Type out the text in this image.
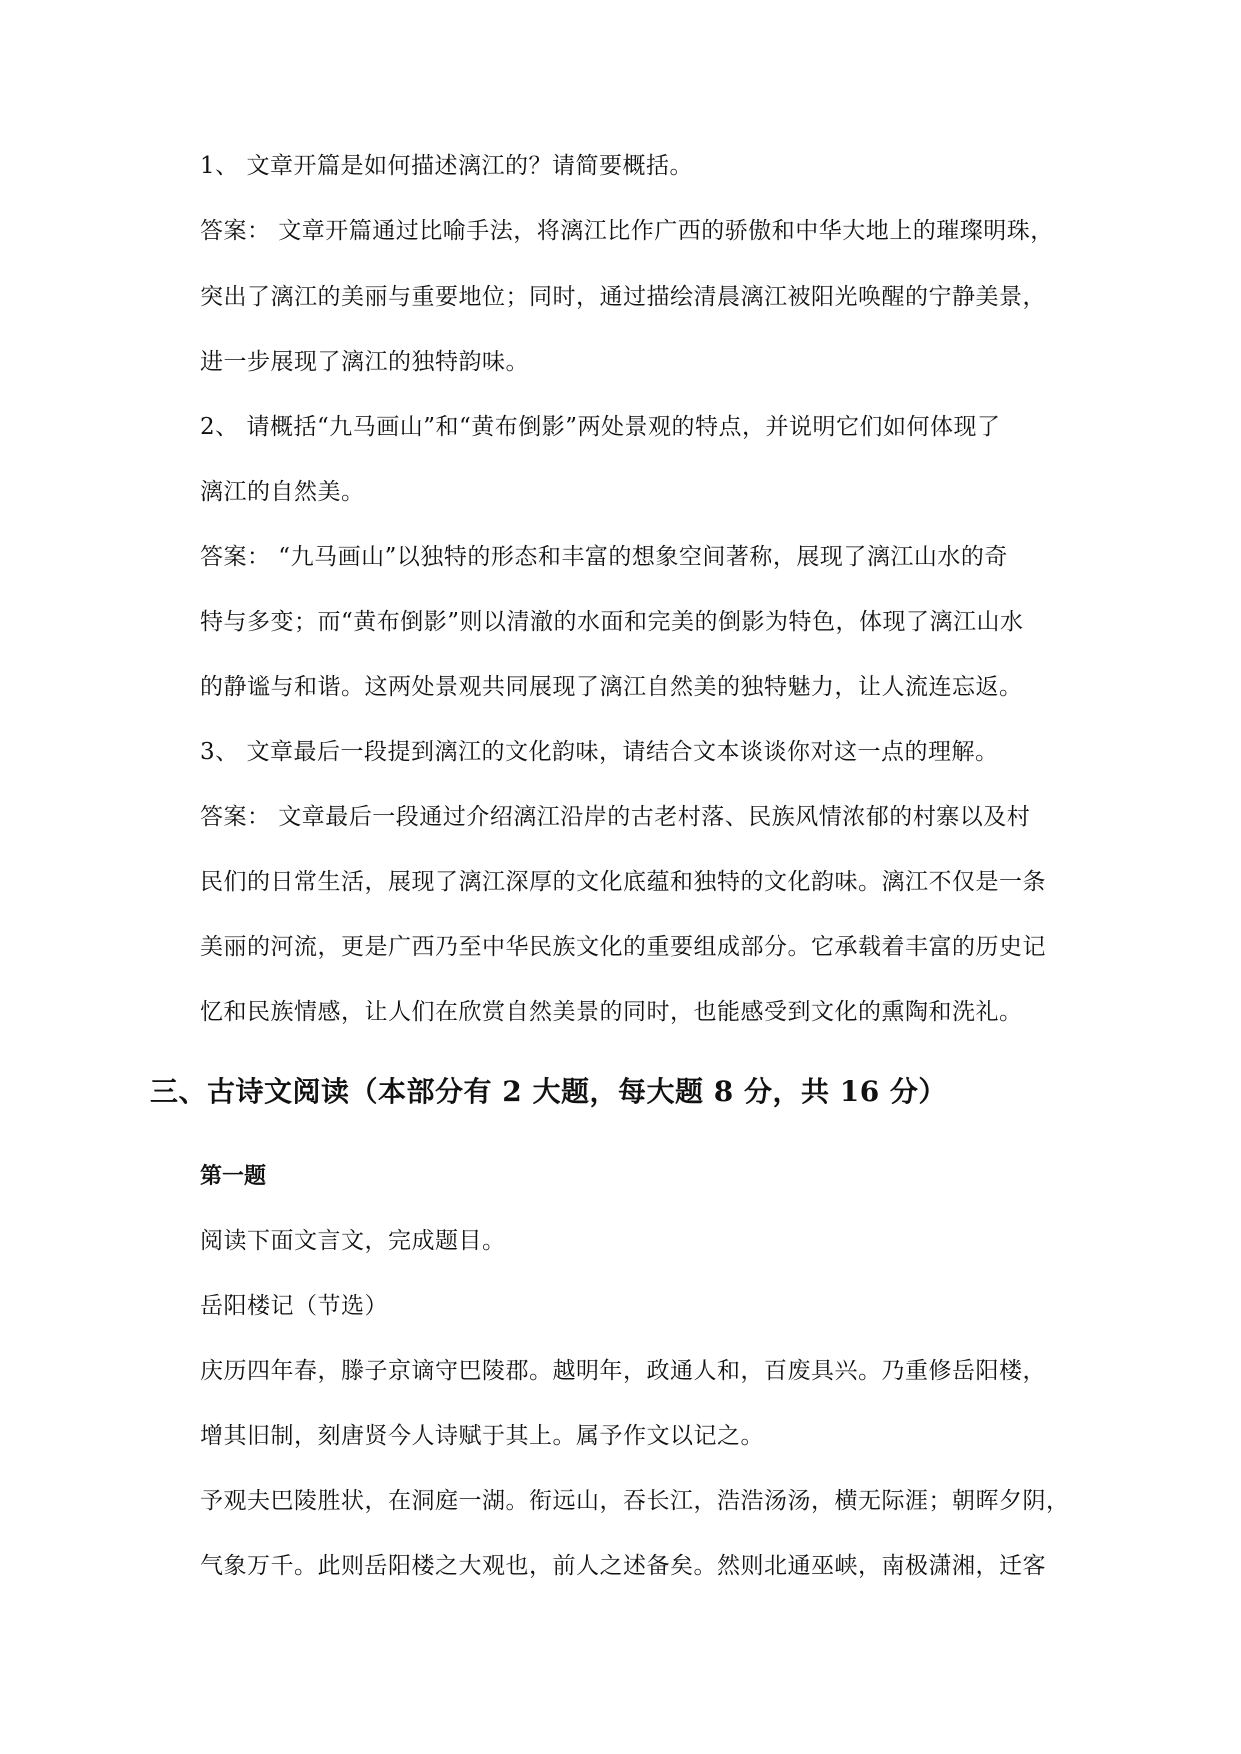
1、 文章开篇是如何描述漓江的？请简要概括。
答案： 文章开篇通过比喻手法，将漓江比作广西的骄傲和中华大地上的璀璨明珠，
突出了漓江的美丽与重要地位；同时，通过描绘清晨漓江被阳光唤醒的宁静美景，
进一步展现了漓江的独特韵味。
2、 请概括“九马画山”和“黄布倒影”两处景观的特点，并说明它们如何体现了
漓江的自然美。
答案： “九马画山”以独特的形态和丰富的想象空间著称，展现了漓江山水的奇
特与多变；而“黄布倒影”则以清澈的水面和完美的倒影为特色，体现了漓江山水
的静谧与和谐。这两处景观共同展现了漓江自然美的独特魅力，让人流连忘返。
3、 文章最后一段提到漓江的文化韵味，请结合文本谈谈你对这一点的理解。
答案： 文章最后一段通过介绍漓江沿岸的古老村落、民族风情浓郁的村寨以及村
民们的日常生活，展现了漓江深厚的文化底蕴和独特的文化韵味。漓江不仅是一条
美丽的河流，更是广西乃至中华民族文化的重要组成部分。它承载着丰富的历史记
忆和民族情感，让人们在欣赏自然美景的同时，也能感受到文化的熏陶和洗礼。
三、古诗文阅读（本部分有 2 大题，每大题 8 分，共 16 分）
第一题
阅读下面文言文，完成题目。
岳阳楼记（节选）
庆历四年春，滕子京谪守巴陵郡。越明年，政通人和，百废具兴。乃重修岳阳楼，
增其旧制，刻唐贤今人诗赋于其上。属予作文以记之。
予观夫巴陵胜状，在洞庭一湖。衔远山，吞长江，浩浩汤汤，横无际涯；朝晖夕阴，
气象万千。此则岳阳楼之大观也，前人之述备矣。然则北通巫峡，南极潇湘，迁客
